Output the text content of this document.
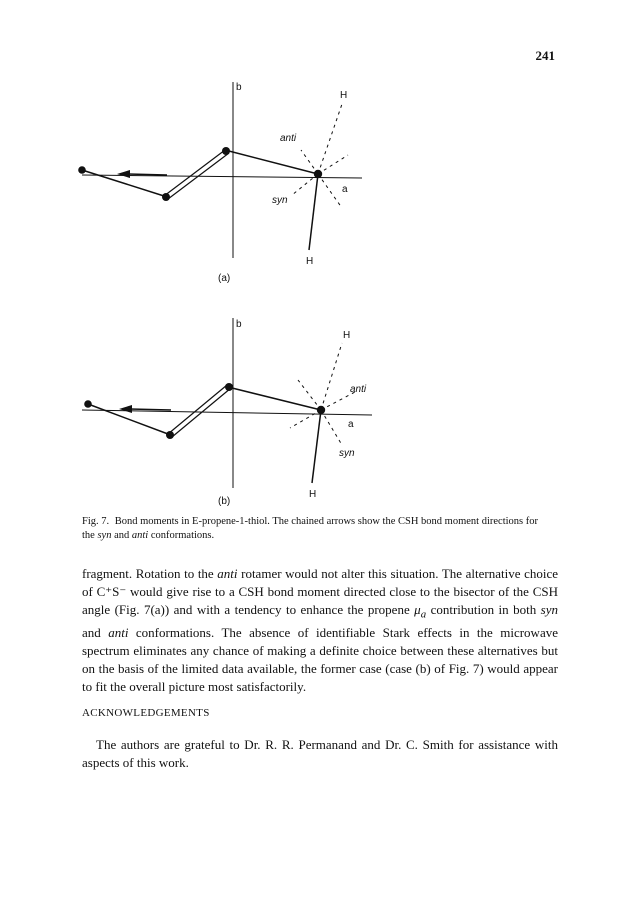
241
b
a
H
H
anti
syn
(a)
b
a
H
H
anti
syn
(b)
Fig. 7. Bond moments in E-propene-1-thiol. The chained arrows show the CSH bond moment directions for the syn and anti conformations.

fragment. Rotation to the anti rotamer would not alter this situation. The alternative choice of C⁺S⁻ would give rise to a CSH bond moment directed close to the bisector of the CSH angle (Fig. 7(a)) and with a tendency to enhance the propene $\mu_a$ contribution in both syn and anti conformations. The absence of identifiable Stark effects in the microwave spectrum eliminates any chance of making a definite choice between these alternatives but on the basis of the limited data available, the former case (case (b) of Fig. 7) would appear to fit the overall picture most satisfactorily.

ACKNOWLEDGEMENTS

The authors are grateful to Dr. R. R. Permanand and Dr. C. Smith for assistance with aspects of this work.
